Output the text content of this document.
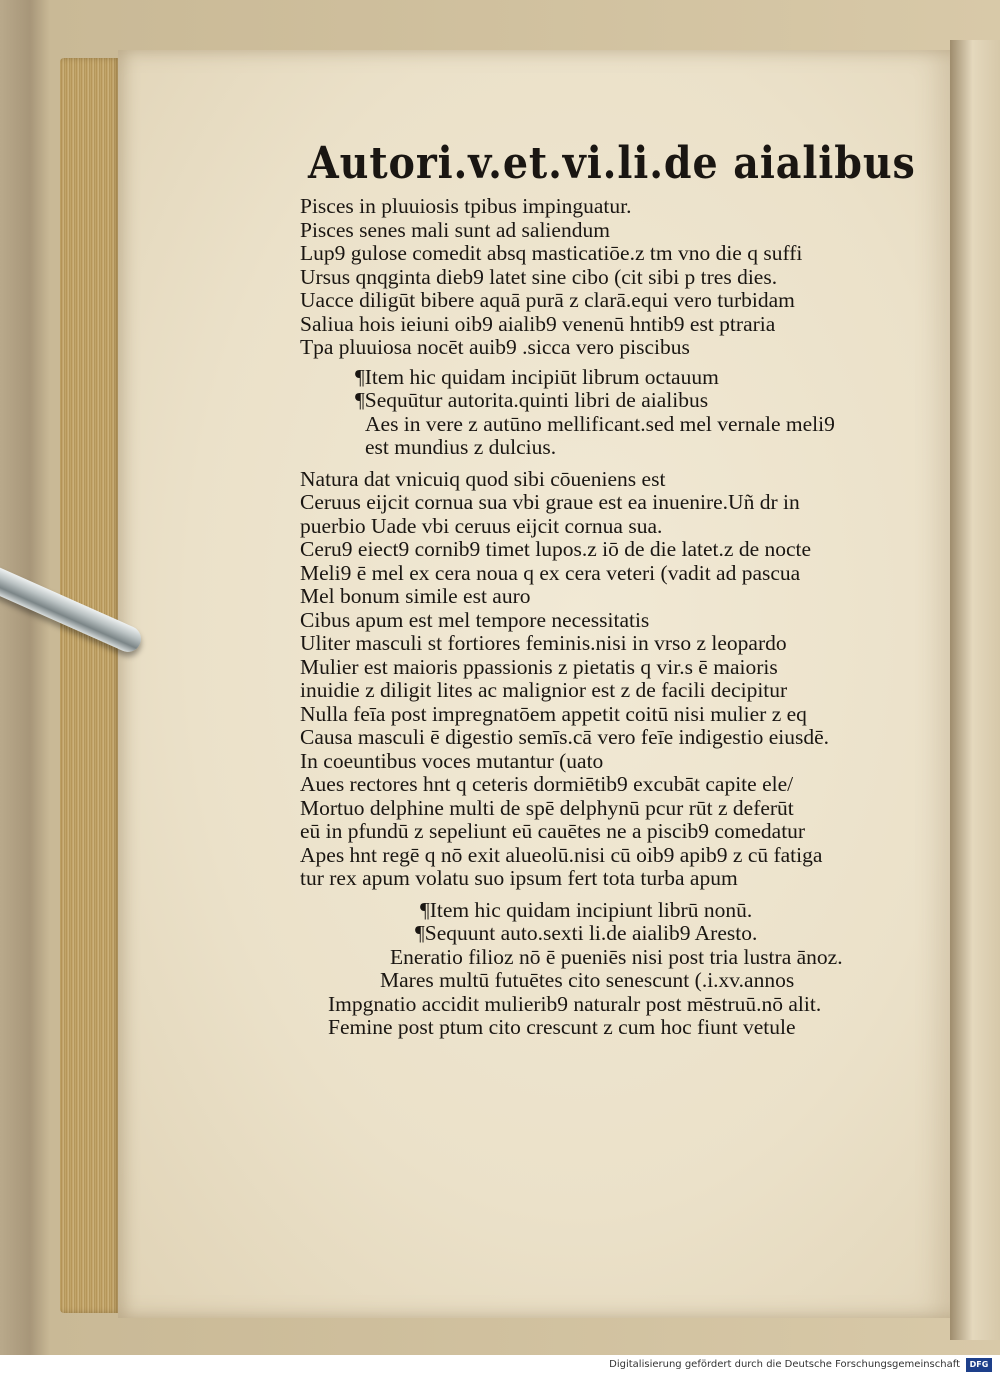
Autori.v.et.vi.li.de aialibus
Pisces in pluuiosis tpibus impinguatur.
Pisces senes mali sunt ad saliendum
Lup9 gulose comedit absq masticatiōe.z tm vno die q suffi
Ursus qnqginta dieb9 latet sine cibo (cit sibi p tres dies.
Uacce diligūt bibere aquā purā z clarā.equi vero turbidam
Saliua hois ieiuni oib9 aialib9 venenū hntib9 est ptraria
Tpa pluuiosa nocēt auib9 .sicca vero piscibus
¶Item hic quidam incipiūt librum octauum
¶Sequūtur autorita.quinti libri de aialibus
Aes in vere z autūno mellificant.sed mel vernale meli9
est mundius z dulcius.
Natura dat vnicuiq quod sibi cōueniens est
Ceruus eijcit cornua sua vbi graue est ea inuenire.Uñ dr in
puerbio Uade vbi ceruus eijcit cornua sua.
Ceru9 eiect9 cornib9 timet lupos.z iō de die latet.z de nocte
Meli9 ē mel ex cera noua q ex cera veteri (vadit ad pascua
Mel bonum simile est auro
Cibus apum est mel tempore necessitatis
Uliter masculi st fortiores feminis.nisi in vrso z leopardo
Mulier est maioris ppassionis z pietatis q vir.s ē maioris
inuidie z diligit lites ac malignior est z de facili decipitur
Nulla feīa post impregnatōem appetit coitū nisi mulier z eq
Causa masculi ē digestio semīs.cā vero feīe indigestio eiusdē.
In coeuntibus voces mutantur (uato
Aues rectores hnt q ceteris dormiētib9 excubāt capite ele/
Mortuo delphine multi de spē delphynū pcur rūt z deferūt
eū in pfundū z sepeliunt eū cauētes ne a piscib9 comedatur
Apes hnt regē q nō exit alueolū.nisi cū oib9 apib9 z cū fatiga
tur rex apum volatu suo ipsum fert tota turba apum
¶Item hic quidam incipiunt librū nonū.
¶Sequunt auto.sexti li.de aialib9 Aresto.
Eneratio filioz nō ē pueniēs nisi post tria lustra ānoz.
Mares multū futuētes cito senescunt (.i.xv.annos
Impgnatio accidit mulierib9 naturalr post mēstruū.nō alit.
Femine post ptum cito crescunt z cum hoc fiunt vetule
Digitalisierung gefördert durch die Deutsche Forschungsgemeinschaft	DFG
